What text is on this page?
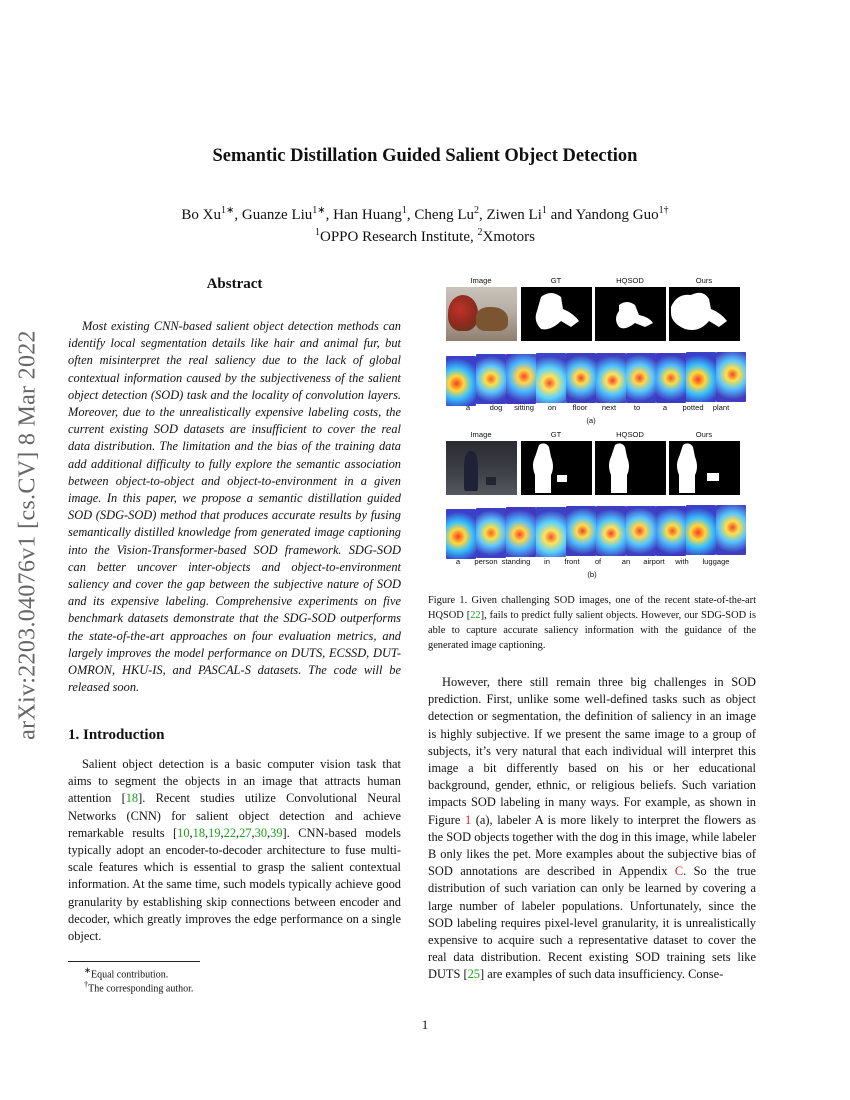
arXiv:2203.04076v1 [cs.CV] 8 Mar 2022
Semantic Distillation Guided Salient Object Detection
Bo $Xu^{1∗}$, Guanze Liu$^{1∗}$, Han Huang$^1$, Cheng Lu$^2$, Ziwen Li$^1$ and Yandong Guo$^{1\dagger}$
$^1$OPPO Research Institute, $^2$Xmotors
Abstract
Most existing CNN-based salient object detection methods can identify local segmentation details like hair and animal fur, but often misinterpret the real saliency due to the lack of global contextual information caused by the subjectiveness of the salient object detection (SOD) task and the locality of convolution layers. Moreover, due to the unrealistically expensive labeling costs, the current existing SOD datasets are insufficient to cover the real data distribution. The limitation and the bias of the training data add additional difficulty to fully explore the semantic association between object-to-object and object-to-environment in a given image. In this paper, we propose a semantic distillation guided SOD (SDG-SOD) method that produces accurate results by fusing semantically distilled knowledge from generated image captioning into the Vision-Transformer-based SOD framework. SDG-SOD can better uncover inter-objects and object-to-environment saliency and cover the gap between the subjective nature of SOD and its expensive labeling. Comprehensive experiments on five benchmark datasets demonstrate that the SDG-SOD outperforms the state-of-the-art approaches on four evaluation metrics, and largely improves the model performance on DUTS, ECSSD, DUT-OMRON, HKU-IS, and PASCAL-S datasets. The code will be released soon.
1. Introduction
Salient object detection is a basic computer vision task that aims to segment the objects in an image that attracts human attention [18]. Recent studies utilize Convolutional Neural Networks (CNN) for salient object detection and achieve remarkable results [10,18,19,22,27,30,39]. CNN-based models typically adopt an encoder-to-decoder architecture to fuse multi-scale features which is essential to grasp the salient contextual information. At the same time, such models typically achieve good granularity by establishing skip connections between encoder and decoder, which greatly improves the edge performance on a single object.
∗Equal contribution.
†The corresponding author.
Image	GT	HQSOD	Ours
a	dog	sitting	on	floor	next	to	a	potted	plant
(a)
Image	GT	HQSOD	Ours
a	person standing	in	front	of	an	airport	with	luggage
(b)
Figure 1. Given challenging SOD images, one of the recent state-of-the-art HQSOD [22], fails to predict fully salient objects. However, our SDG-SOD is able to capture accurate saliency information with the guidance of the generated image captioning.
However, there still remain three big challenges in SOD prediction. First, unlike some well-defined tasks such as object detection or segmentation, the definition of saliency in an image is highly subjective. If we present the same image to a group of subjects, it’s very natural that each individual will interpret this image a bit differently based on his or her educational background, gender, ethnic, or religious beliefs. Such variation impacts SOD labeling in many ways. For example, as shown in Figure 1 (a), labeler A is more likely to interpret the flowers as the SOD objects together with the dog in this image, while labeler B only likes the pet. More examples about the subjective bias of SOD annotations are described in Appendix C. So the true distribution of such variation can only be learned by covering a large number of labeler populations. Unfortunately, since the SOD labeling requires pixel-level granularity, it is unrealistically expensive to acquire such a representative dataset to cover the real data distribution. Recent existing SOD training sets like DUTS [25] are examples of such data insufficiency. Conse-
1
